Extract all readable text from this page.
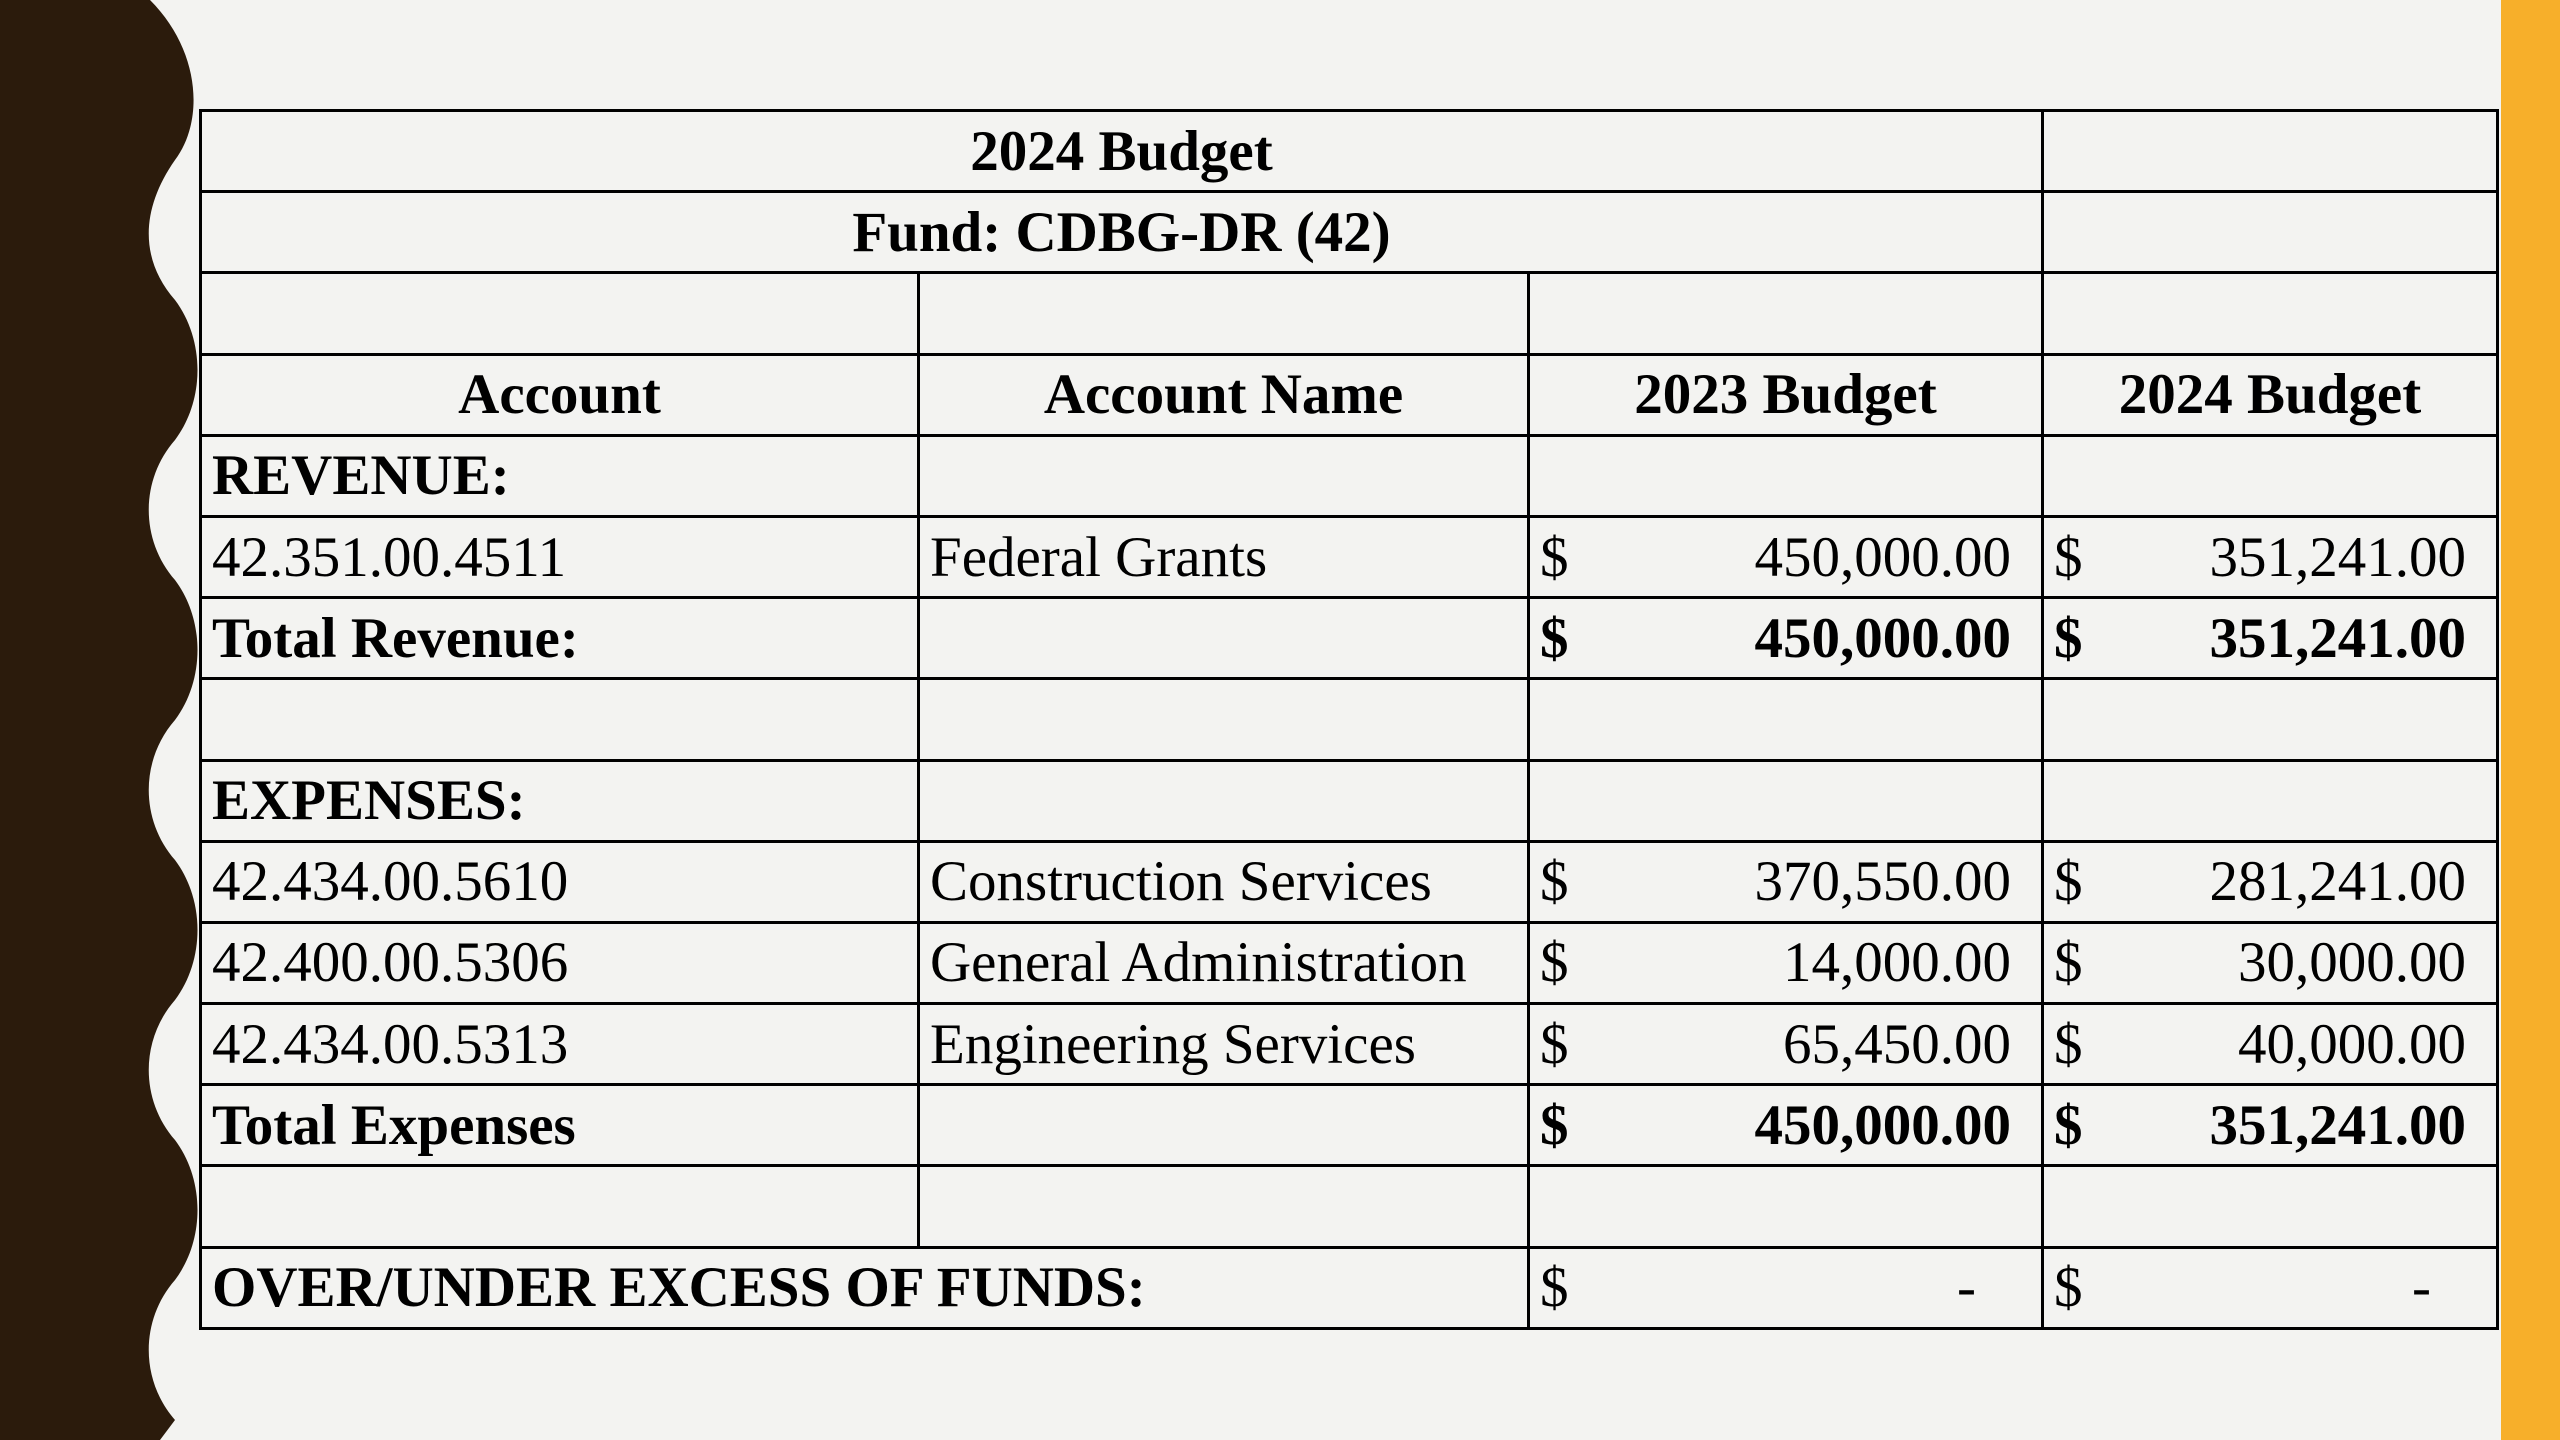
2024 Budget			
Fund: CDBG-DR (42)			

Account	Account Name	2023 Budget	2024 Budget
REVENUE:			
42.351.00.4511	Federal Grants	$ 450,000.00	$ 351,241.00

Total Revenue:		$ 450,000.00	$ 351,241.00

EXPENSES:			
42.434.00.5610	Construction Services	$ 370,550.00	$ 281,241.00

42.400.00.5306	General Administration	$ 14,000.00	$ 30,000.00

42.434.00.5313	Engineering Services	$ 65,450.00	$ 40,000.00

Total Expenses		$ 450,000.00	$ 351,241.00

OVER/UNDER EXCESS OF FUNDS:		$ -	$ -
